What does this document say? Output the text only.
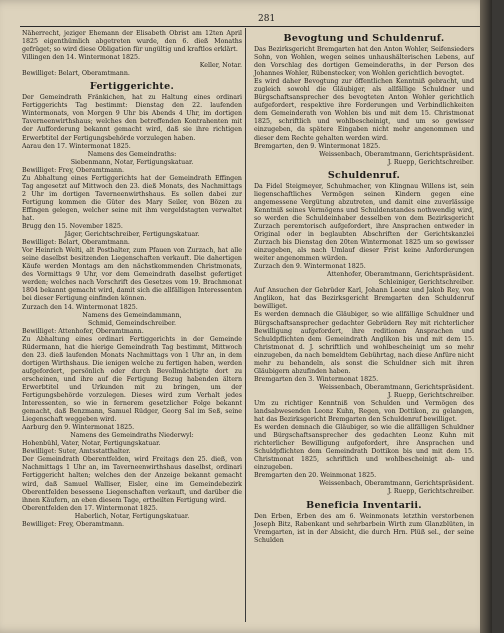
281

Näherrecht, jeziger Ehemann der Elisabeth Obrist am 12ten April 1825 eigenthümlich abgetreten wurde, den 6. dieß Monaths gefrüget; so wird diese Obligation für ungültig und kraftlos erklärt.

Villingen den 14. Wintermonat 1825.

Keller, Notar.

Bewilliget: Belart, Oberamtmann.

Fertiggerichte.

Der Gemeindrath Fränkichen, hat zu Haltung eines ordinari Fertiggerichts Tag bestimmt: Dienstag den 22. laufenden Wintermonats, von Morgen 9 Uhr bis Abends 4 Uhr, im dortigen Taverneenwirthshaus; welches den betreffenden Kontrahenten mit der Aufforderung bekannt gemacht wird, daß sie ihre richtigen Erwerbtitel der Fertigungsbehörde vorzulegen haben.

Aarau den 17. Wintermonat 1825.

Namens des Gemeindraths:

Siebenmann, Notar, Fertigungskatuar.

Bewilliget: Frey, Oberamtmann.

Zu Abhaltung eines Fertiggerichts hat der Gemeindrath Effingen Tag angesetzt auf Mittwoch den 23. dieß Monats, des Nachmittags 2 Uhr im dortigen Taverneenwirthshaus. Es sollen dabei zur Fertigung kommen die Güter des Mary Seiler, von Bözen zu Effingen gelegen, welcher seine mit ihm vergeldstagten verwaltet hat.

Brugg den 15. November 1825.

Jäger, Gerichtschreiber, Fertigungskatuar.

Bewilliget: Belart, Oberamtmann.

Vor Heinrich Welti, alt Postbalter, zum Pfauen von Zurzach, hat alle seine daselbst besitzenden Liegenschaften verkauft. Die dahertigen Käufe werden Montags am den nächstkommenden Christmonats, des Vormittags 9 Uhr, vor dem Gemeindrath daselbst gefertiget werden; welches nach Vorschrift des Gesetzes vom 19. Brachmonat 1804 bekannt gemacht wird, damit sich die allfälligen Interessenten bei dieser Fertigung einfinden können.

Zurzach den 14. Wintermonat 1825.

Namens des Gemeindammann,

Schmid, Gemeindschreiber.

Bewilliget: Attenhofer, Oberamtmann.

Zu Abhaltung eines ordinari Fertiggerichts in der Gemeinde Rüdermann, hat die hierige Gemeindrath Tag bestimmt, Mittwoch den 23. dieß laufenden Monats Nachmittags von 1 Uhr an, in dem dortigen Wirthshaus. Die ienigen welche zu fertigen haben, werden aufgefordert, persönlich oder durch Bevollmächtigte dort zu erscheinen, und ihre auf die Fertigung Bezug habenden ältern Erwerbtitel und Urkunden mit zu bringen, um der Fertigungsbehörde vorzulegen. Dieses wird zum Verhalt jedes Interessenten, so wie in fernerem gesetzlicher Folge bekannt gemacht, daß Benzmann, Samuel Rüdger, Georg Sal im Seß, seine Liegenschaft weggeben wird.

Aarburg den 9. Wintermonat 1825.

Namens des Gemeindraths Niederwyl:

Hohenbühl, Vater, Notar, Fertigungskatuar.

Bewilliget: Suter, Amtsstatthalter.

Der Gemeindrath Oberentfelden, wird Freitags den 25. dieß, von Nachmittags 1 Uhr an, im Taverneenwirthshaus daselbst, ordinari Fertiggericht halten; welches den der Anzeige bekannt gemacht wird, daß Samuel Walliser, Eisler, eine im Gemeindebezirk Oberentfelden besessene Liegenschaften verkauft, und darüber die ihnen Käufern, an eben diesem Tage, ertheilten Fertigung wird.

Oberentfelden den 17. Wintermonat 1825.

Haberlich, Notar, Fertigungskatuar.

Bewilliget: Frey, Oberamtmann.

Bevogtung und Schuldenruf.

Das Bezirksgericht Bremgarten hat den Anton Wohler, Seifensieders Sohn, von Wohlen, wegen seines unhaushälterischen Lebens, auf den Vorschlag des dortigen Gemeinderaths, in der Person des Johannes Wohler, Rübenstecker, von Wohlen gerichtlich bevogtet.

Es wird daher Bevogtung zur öffentlichen Kenntniß gebracht, und zugleich sowohl die Gläubiger, als allfällige Schuldner und Bürgschaftsansprecher des bevogteten Anton Wohler gerichtlich aufgefordert, respektive ihre Forderungen und Verbindlichkeiten dem Gemeinderath von Wohlen bis und mit dem 15. Christmonat 1825, schriftlich und wohlbescheinigt, und um so gewisser einzugeben, da spätere Eingaben nicht mehr angenommen und dieser dem Rechte gehalten werden wird.

Bremgarten, den 9. Wintermonat 1825.

Weissenbach, Oberamtmann, Gerichtspräsident.

J. Ruepp, Gerichtschreiber.

Schuldenruf.

Da Fidel Steigmeyer, Schuhmacher, von Klingnau Willens ist, sein liegenschaftliches Vermögen seinen Kindern gegen eine angemessene Vergütung abzutreten, und damit eine zuverlässige Kenntniß seines Vermögens und Schuldenstandes nothwendig wird, so werden die Schuldeinhaber desselben von dem Bezirksgericht Zurzach peremtorisch aufgefordert, ihre Ansprachen entweder in Original oder in beglaubten Abschriften der Gerichtskanzlei Zurzach bis Dienstag den 20ten Wintermonat 1825 um so gewisser einzugeben, als nach Umlauf dieser Frist keine Anforderungen weiter angenommen würden.

Zurzach den 9. Wintermonat 1825.

Attenhofer, Oberamtmann, Gerichtspräsident.

Schleiniger, Gerichtschreiber.

Auf Ansuchen der Gebrüder Karl, Johann Leonz und Jakob Rey, von Anglikon, hat das Bezirksgericht Bremgarten den Schuldenruf bewilliget.

Es werden demnach die Gläubiger, so wie allfällige Schuldner und Bürgschaftsansprecher gedachter Gebrüdern Rey mit richterlicher Bewilligung aufgefordert, ihre reditionen Ansprachen und Schuldpflichten dem Gemeindrath Anglikon bis und mit dem 15. Christmonat d. J. schriftlich und wohlbescheinigt um so mehr einzugeben, da nach bemeldtem Gebührtag, nach diese Anfüre nicht mehr zu behandeln, als sonst die Schuldner sich mit ihren Gläubigern abzufinden haben.

Bremgarten den 3. Wintermonat 1825.

Weissenbach, Oberamtmann, Gerichtspräsident.

J. Ruepp, Gerichtschreiber.

Um zu richtiger Kenntniß von Schulden und Vermögen des landsabwesenden Leonz Kuhn, Regen, von Dottikon, zu gelangen, hat das Bezirksgericht Bremgarten den Schuldenruf bewilliget.

Es werden demnach die Gläubiger, so wie die allfälligen Schuldner und Bürgschaftsansprecher des gedachten Leonz Kuhn mit richterlicher Bewilligung aufgefordert, ihre Ansprachen und Schuldpflichten dem Gemeindrath Dottikon bis und mit dem 15. Christmonat 1825, schriftlich und wohlbescheinigt ab- und einzugeben.

Bremgarten den 20. Weinmonat 1825.

Weissenbach, Oberamtmann, Gerichtspräsident.

J. Ruepp, Gerichtschreiber.

Beneficia Inventarii.

Den Erben, Erben des am 6. Weinmonats letzthin verstorbenen Joseph Bitz, Rabenkant und sehrbarbein Wirth zum Glanzblüten, in Vremgarten, ist in der Absicht, die durch Hrn. Plüß sel., der seine Schulden
